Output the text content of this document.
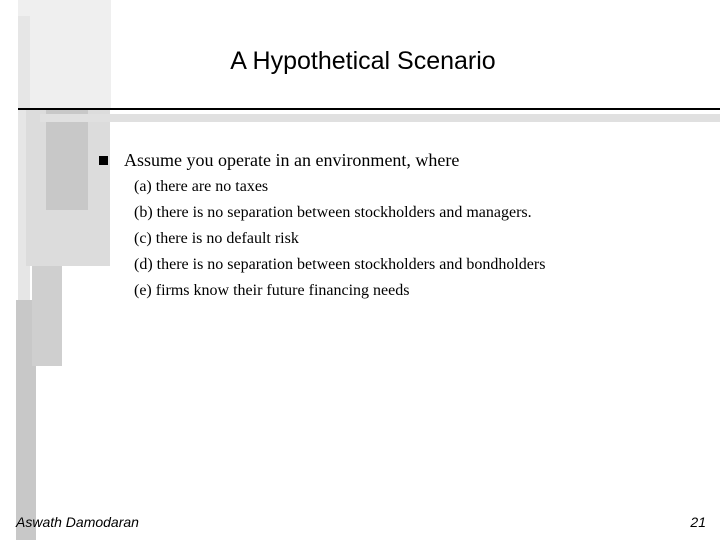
A Hypothetical Scenario
Assume you operate in an environment, where
(a) there are no taxes
(b) there is no separation between stockholders and managers.
(c) there is no default risk
(d) there is no separation between stockholders and bondholders
(e) firms know their future financing needs
Aswath Damodaran	21
